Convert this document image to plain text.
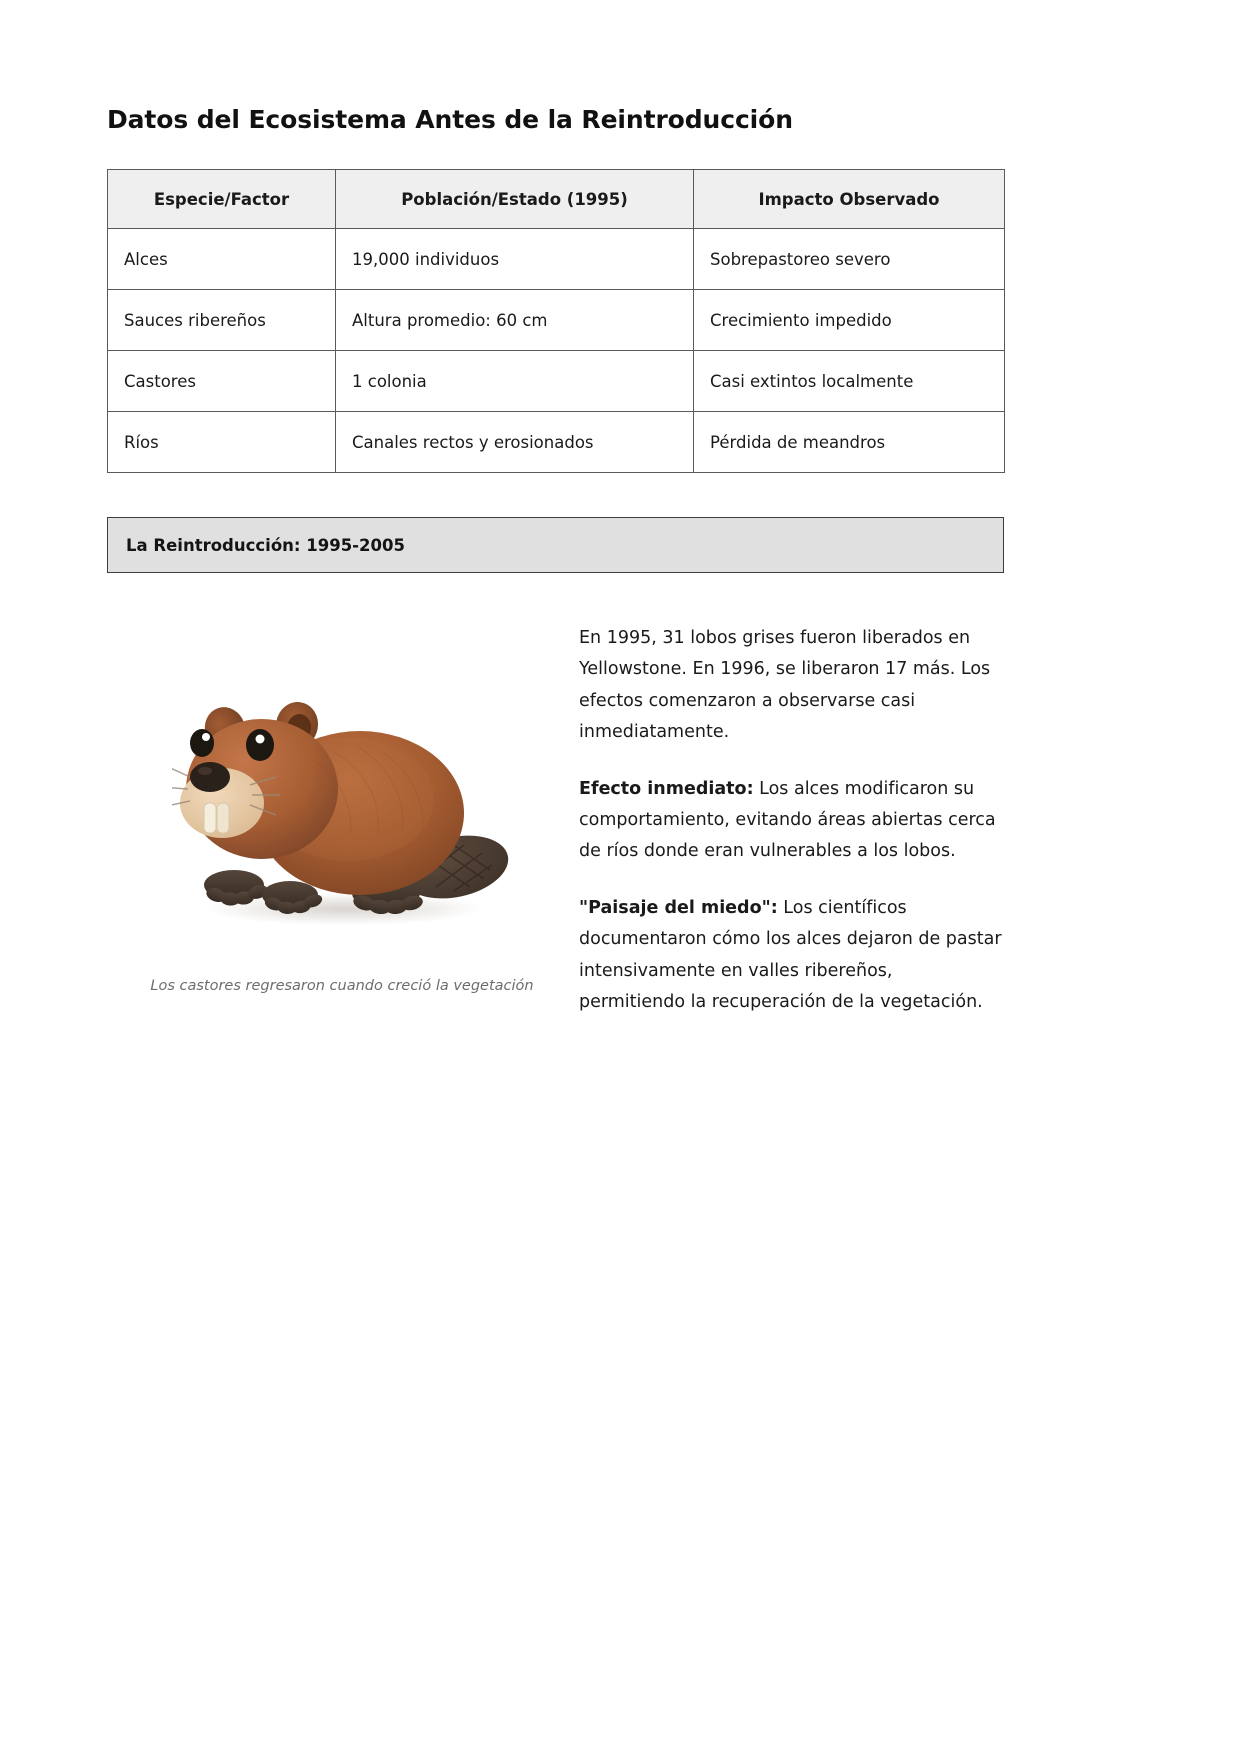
Datos del Ecosistema Antes de la Reintroducción
Especie/Factor	Población/Estado (1995)	Impacto Observado
Alces	19,000 individuos	Sobrepastoreo severo
Sauces ribereños	Altura promedio: 60 cm	Crecimiento impedido
Castores	1 colonia	Casi extintos localmente
Ríos	Canales rectos y erosionados	Pérdida de meandros
La Reintroducción: 1995-2005
Los castores regresaron cuando creció la vegetación

En 1995, 31 lobos grises fueron liberados en Yellowstone. En 1996, se liberaron 17 más. Los efectos comenzaron a observarse casi inmediatamente.

Efecto inmediato: Los alces modificaron su comportamiento, evitando áreas abiertas cerca de ríos donde eran vulnerables a los lobos.

"Paisaje del miedo": Los científicos documentaron cómo los alces dejaron de pastar intensivamente en valles ribereños, permitiendo la recuperación de la vegetación.
